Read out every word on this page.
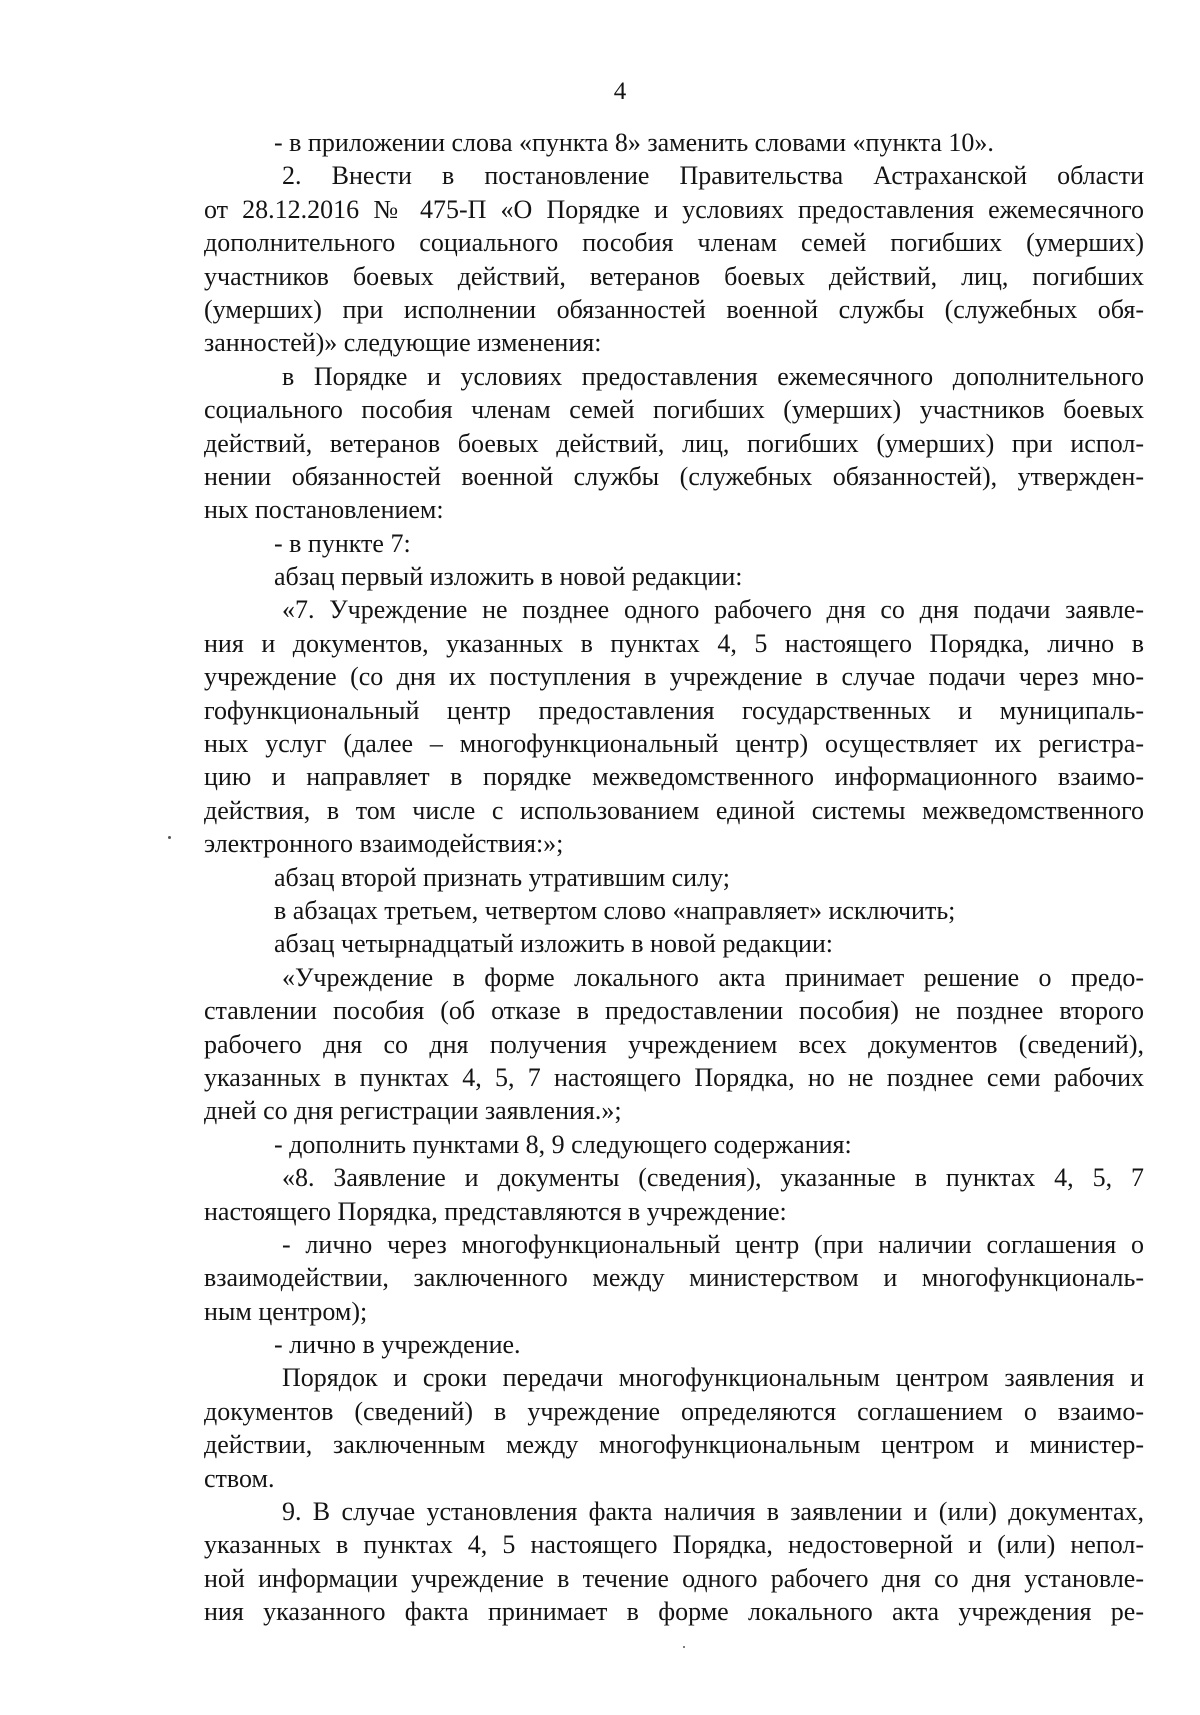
4
- в приложении слова «пункта 8» заменить словами «пункта 10».
2. Внести в постановление Правительства Астраханской области
от 28.12.2016 № 475-П «О Порядке и условиях предоставления ежемесячного
дополнительного социального пособия членам семей погибших (умерших)
участников боевых действий, ветеранов боевых действий, лиц, погибших
(умерших) при исполнении обязанностей военной службы (служебных обя-
занностей)» следующие изменения:
в Порядке и условиях предоставления ежемесячного дополнительного
социального пособия членам семей погибших (умерших) участников боевых
действий, ветеранов боевых действий, лиц, погибших (умерших) при испол-
нении обязанностей военной службы (служебных обязанностей), утвержден-
ных постановлением:
- в пункте 7:
абзац первый изложить в новой редакции:
«7. Учреждение не позднее одного рабочего дня со дня подачи заявле-
ния и документов, указанных в пунктах 4, 5 настоящего Порядка, лично в
учреждение (со дня их поступления в учреждение в случае подачи через мно-
гофункциональный центр предоставления государственных и муниципаль-
ных услуг (далее – многофункциональный центр) осуществляет их регистра-
цию и направляет в порядке межведомственного информационного взаимо-
действия, в том числе с использованием единой системы межведомственного
электронного взаимодействия:»;
абзац второй признать утратившим силу;
в абзацах третьем, четвертом слово «направляет» исключить;
абзац четырнадцатый изложить в новой редакции:
«Учреждение в форме локального акта принимает решение о предо-
ставлении пособия (об отказе в предоставлении пособия) не позднее второго
рабочего дня со дня получения учреждением всех документов (сведений),
указанных в пунктах 4, 5, 7 настоящего Порядка, но не позднее семи рабочих
дней со дня регистрации заявления.»;
- дополнить пунктами 8, 9 следующего содержания:
«8. Заявление и документы (сведения), указанные в пунктах 4, 5, 7
настоящего Порядка, представляются в учреждение:
- лично через многофункциональный центр (при наличии соглашения о
взаимодействии, заключенного между министерством и многофункциональ-
ным центром);
- лично в учреждение.
Порядок и сроки передачи многофункциональным центром заявления и
документов (сведений) в учреждение определяются соглашением о взаимо-
действии, заключенным между многофункциональным центром и министер-
ством.
9. В случае установления факта наличия в заявлении и (или) документах,
указанных в пунктах 4, 5 настоящего Порядка, недостоверной и (или) непол-
ной информации учреждение в течение одного рабочего дня со дня установле-
ния указанного факта принимает в форме локального акта учреждения ре-
